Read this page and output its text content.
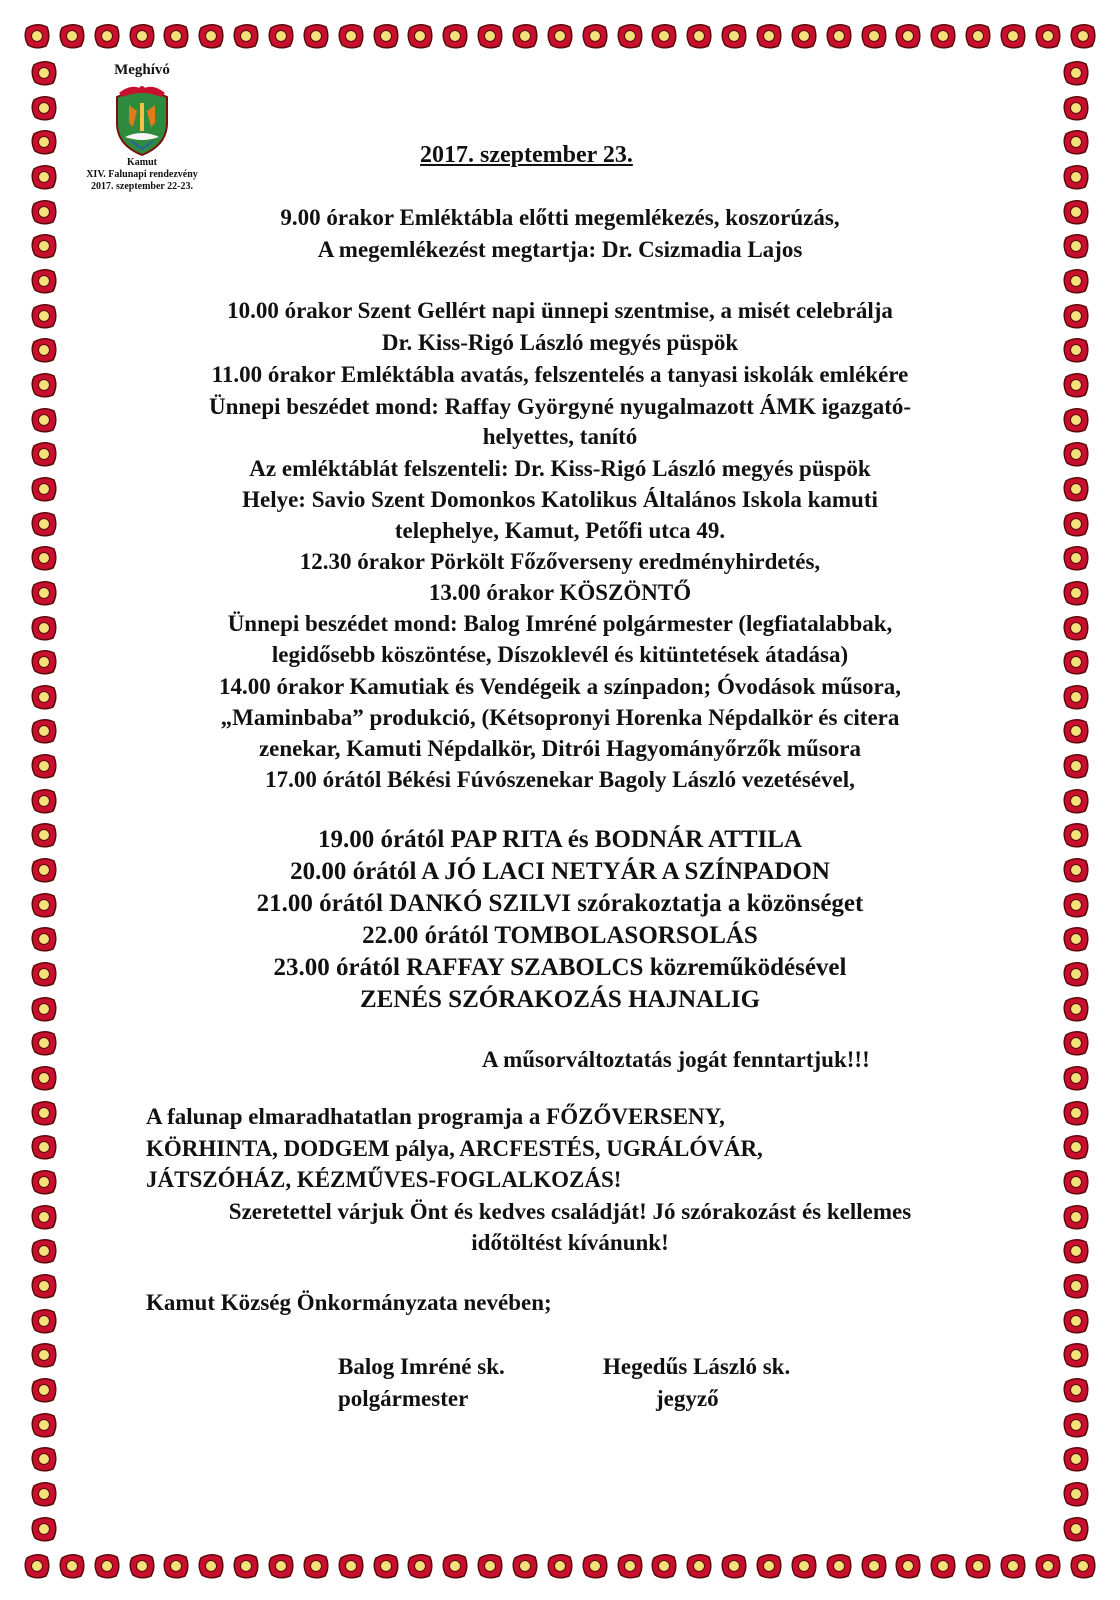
Meghívó
Kamut
XIV. Falunapi rendezvény
2017. szeptember 22-23.
2017. szeptember 23.
9.00 órakor Emléktábla előtti megemlékezés, koszorúzás,
A megemlékezést megtartja: Dr. Csizmadia Lajos
10.00 órakor Szent Gellért napi ünnepi szentmise, a misét celebrálja
Dr. Kiss-Rigó László megyés püspök
11.00 órakor Emléktábla avatás, felszentelés a tanyasi iskolák emlékére
Ünnepi beszédet mond: Raffay Györgyné nyugalmazott ÁMK igazgató-
helyettes, tanító
Az emléktáblát felszenteli: Dr. Kiss-Rigó László megyés püspök
Helye: Savio Szent Domonkos Katolikus Általános Iskola kamuti
telephelye, Kamut, Petőfi utca 49.
12.30 órakor Pörkölt Főzőverseny eredményhirdetés,
13.00 órakor KÖSZÖNTŐ
Ünnepi beszédet mond: Balog Imréné polgármester (legfiatalabbak,
legidősebb köszöntése, Díszoklevél és kitüntetések átadása)
14.00 órakor Kamutiak és Vendégeik a színpadon; Óvodások műsora,
„Maminbaba” produkció, (Kétsopronyi Horenka Népdalkör és citera
zenekar, Kamuti Népdalkör, Ditrói Hagyományőrzők műsora
17.00 órától Békési Fúvószenekar Bagoly László vezetésével,
19.00 órától PAP RITA és BODNÁR ATTILA
20.00 órától A JÓ LACI NETYÁR A SZÍNPADON
21.00 órától DANKÓ SZILVI szórakoztatja a közönséget
22.00 órától TOMBOLASORSOLÁS
23.00 órától RAFFAY SZABOLCS közreműködésével
ZENÉS SZÓRAKOZÁS HAJNALIG
A műsorváltoztatás jogát fenntartjuk!!!
A falunap elmaradhatatlan programja a FŐZŐVERSENY,
KÖRHINTA, DODGEM pálya, ARCFESTÉS, UGRÁLÓVÁR,
JÁTSZÓHÁZ, KÉZMŰVES-FOGLALKOZÁS!
Szeretettel várjuk Önt és kedves családját! Jó szórakozást és kellemes
időtöltést kívánunk!
Kamut Község Önkormányzata nevében;
Balog Imréné sk.
polgármester
Hegedűs László sk.
jegyző
